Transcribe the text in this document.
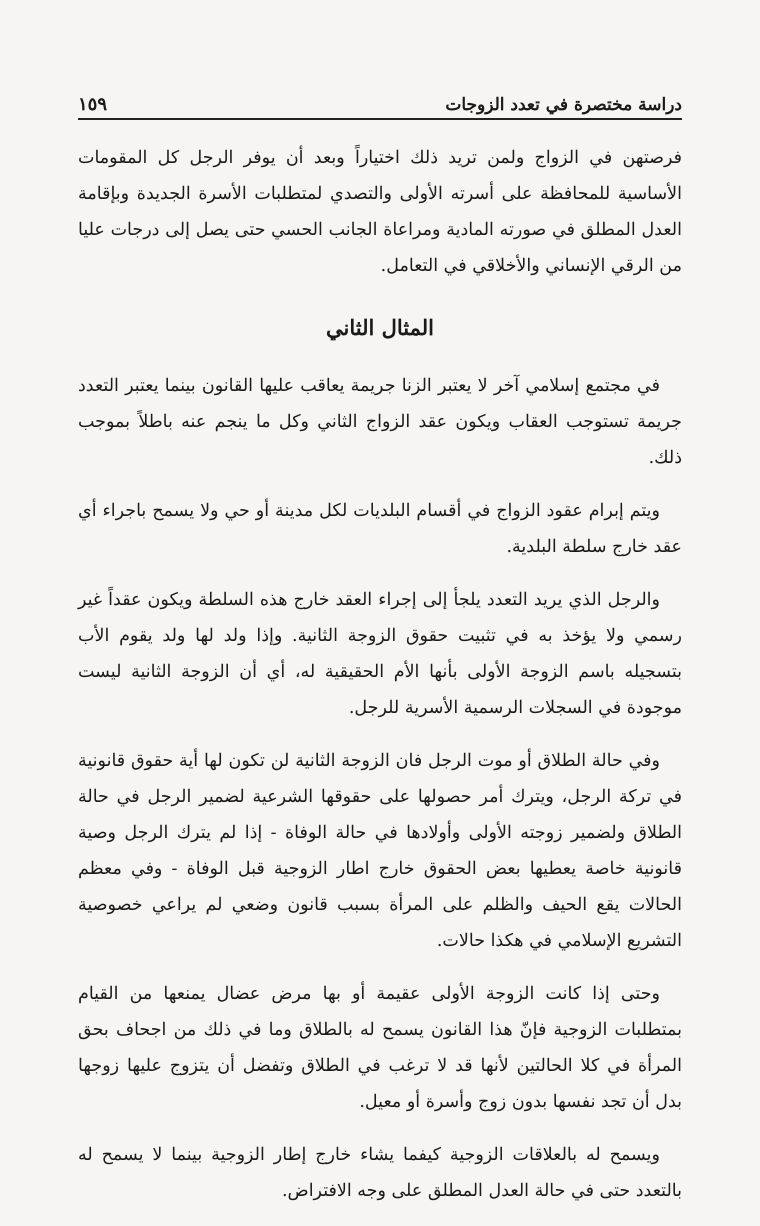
دراسة مختصرة في تعدد الزوجات
١٥٩

فرصتهن في الزواج ولمن تريد ذلك اختياراً وبعد أن يوفر الرجل كل المقومات الأساسية للمحافظة على أسرته الأولى والتصدي لمتطلبات الأسرة الجديدة وبإقامة العدل المطلق في صورته المادية ومراعاة الجانب الحسي حتى يصل إلى درجات عليا من الرقي الإنساني والأخلاقي في التعامل.

المثال الثاني

في مجتمع إسلامي آخر لا يعتبر الزنا جريمة يعاقب عليها القانون بينما يعتبر التعدد جريمة تستوجب العقاب ويكون عقد الزواج الثاني وكل ما ينجم عنه باطلاً بموجب ذلك.

ويتم إبرام عقود الزواج في أقسام البلديات لكل مدينة أو حي ولا يسمح باجراء أي عقد خارج سلطة البلدية.

والرجل الذي يريد التعدد يلجأ إلى إجراء العقد خارج هذه السلطة ويكون عقداً غير رسمي ولا يؤخذ به في تثبيت حقوق الزوجة الثانية. وإذا ولد لها ولد يقوم الأب بتسجيله باسم الزوجة الأولى بأنها الأم الحقيقية له، أي أن الزوجة الثانية ليست موجودة في السجلات الرسمية الأسرية للرجل.

وفي حالة الطلاق أو موت الرجل فان الزوجة الثانية لن تكون لها أية حقوق قانونية في تركة الرجل، ويترك أمر حصولها على حقوقها الشرعية لضمير الرجل في حالة الطلاق ولضمير زوجته الأولى وأولادها في حالة الوفاة - إذا لم يترك الرجل وصية قانونية خاصة يعطيها بعض الحقوق خارج اطار الزوجية قبل الوفاة - وفي معظم الحالات يقع الحيف والظلم على المرأة بسبب قانون وضعي لم يراعي خصوصية التشريع الإسلامي في هكذا حالات.

وحتى إذا كانت الزوجة الأولى عقيمة أو بها مرض عضال يمنعها من القيام بمتطلبات الزوجية فإنّ هذا القانون يسمح له بالطلاق وما في ذلك من اجحاف بحق المرأة في كلا الحالتين لأنها قد لا ترغب في الطلاق وتفضل أن يتزوج عليها زوجها بدل أن تجد نفسها بدون زوج وأسرة أو معيل.

ويسمح له بالعلاقات الزوجية كيفما يشاء خارج إطار الزوجية بينما لا يسمح له بالتعدد حتى في حالة العدل المطلق على وجه الافتراض.
